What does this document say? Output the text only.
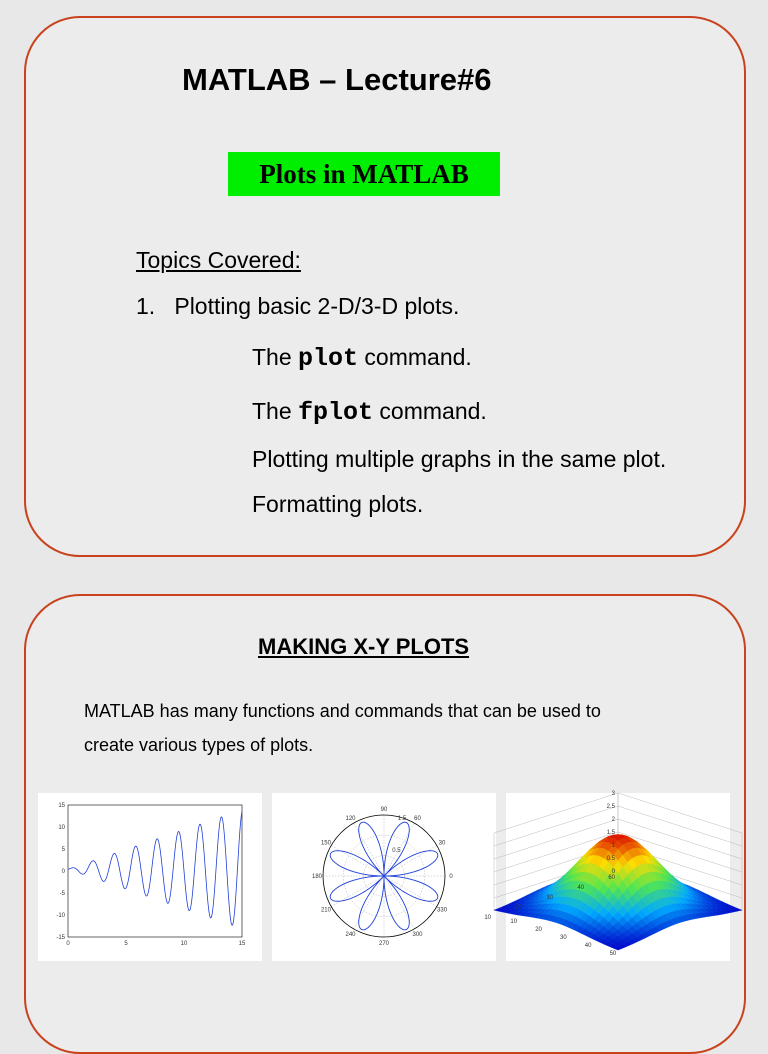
MATLAB – Lecture#6
Plots in MATLAB
Topics Covered:
1. Plotting basic 2-D/3-D plots.
The plot command.
The fplot command.
Plotting multiple graphs in the same plot.
Formatting plots.
MAKING X-Y PLOTS
MATLAB has many functions and commands that can be used to
create various types of plots.
15
10
5
0
-5
-10
-15
0	5	10	15
90
60
30
0
330
300
270
240
210
180
150
120	1.5
0.5
3
2.5
2
1.5
1
0.5
0
10
20
30
40
50
60
40
30
20
10
